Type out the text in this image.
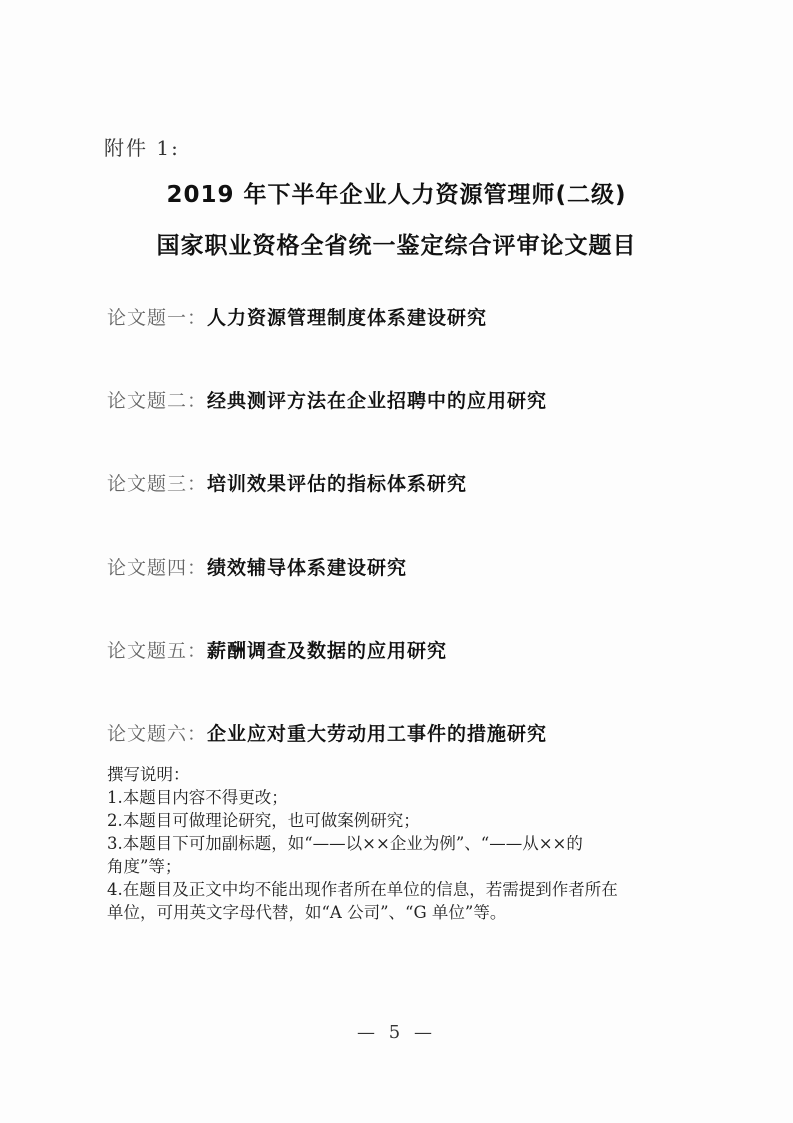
附件 1:
2019 年下半年企业人力资源管理师(二级)
国家职业资格全省统一鉴定综合评审论文题目
论文题一：人力资源管理制度体系建设研究
论文题二：经典测评方法在企业招聘中的应用研究
论文题三：培训效果评估的指标体系研究
论文题四：绩效辅导体系建设研究
论文题五：薪酬调查及数据的应用研究
论文题六：企业应对重大劳动用工事件的措施研究
撰写说明：
1.本题目内容不得更改；
2.本题目可做理论研究，也可做案例研究；
3.本题目下可加副标题，如“——以××企业为例”、“——从××的
角度”等；
4.在题目及正文中均不能出现作者所在单位的信息，若需提到作者所在
单位，可用英文字母代替，如“A 公司”、“G 单位”等。
— 5 —
